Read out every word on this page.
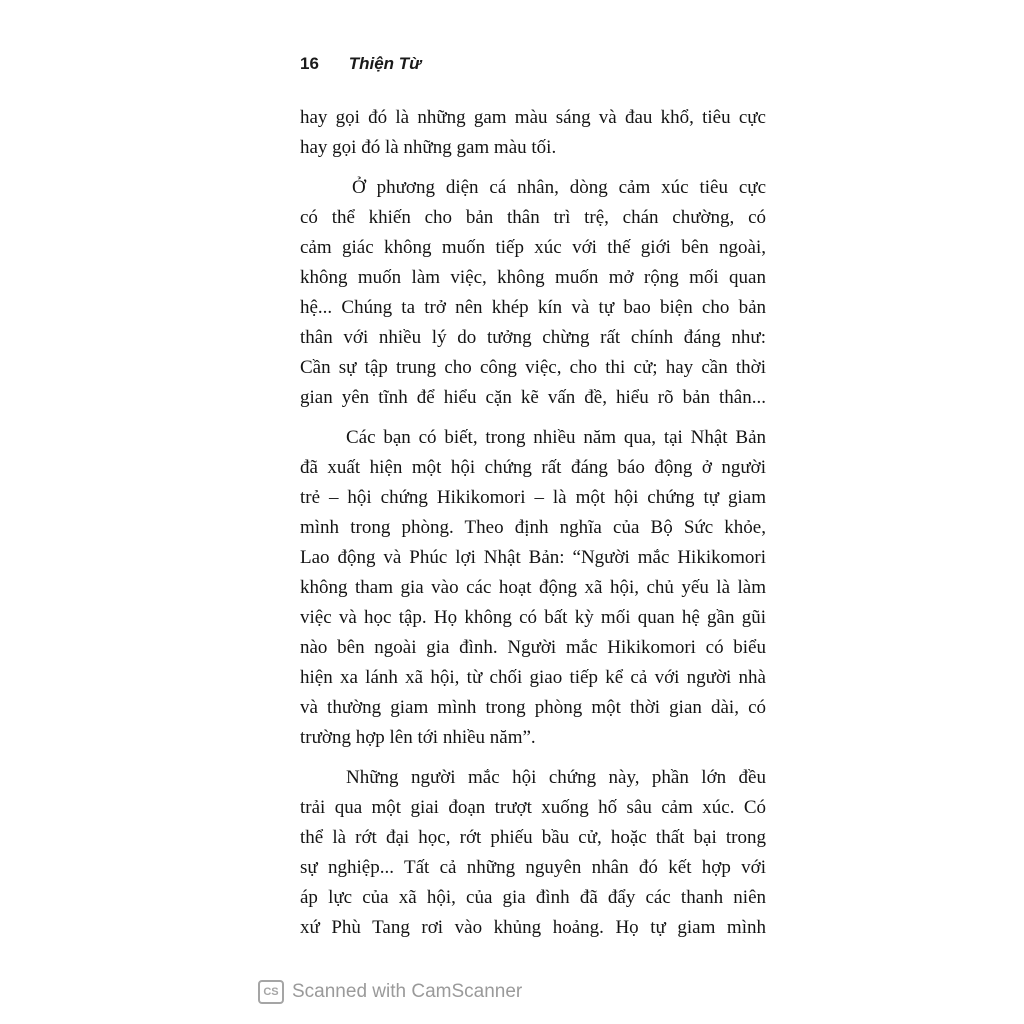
16 Thiện Từ
hay gọi đó là những gam màu sáng và đau khổ, tiêu cực
hay gọi đó là những gam màu tối.
Ở phương diện cá nhân, dòng cảm xúc tiêu cực
có thể khiến cho bản thân trì trệ, chán chường, có
cảm giác không muốn tiếp xúc với thế giới bên ngoài,
không muốn làm việc, không muốn mở rộng mối quan
hệ... Chúng ta trở nên khép kín và tự bao biện cho bản
thân với nhiều lý do tưởng chừng rất chính đáng như:
Cần sự tập trung cho công việc, cho thi cử; hay cần thời
gian yên tĩnh để hiểu cặn kẽ vấn đề, hiểu rõ bản thân...
Các bạn có biết, trong nhiều năm qua, tại Nhật Bản
đã xuất hiện một hội chứng rất đáng báo động ở người
trẻ – hội chứng Hikikomori – là một hội chứng tự giam
mình trong phòng. Theo định nghĩa của Bộ Sức khỏe,
Lao động và Phúc lợi Nhật Bản: “Người mắc Hikikomori
không tham gia vào các hoạt động xã hội, chủ yếu là làm
việc và học tập. Họ không có bất kỳ mối quan hệ gần gũi
nào bên ngoài gia đình. Người mắc Hikikomori có biểu
hiện xa lánh xã hội, từ chối giao tiếp kể cả với người nhà
và thường giam mình trong phòng một thời gian dài, có
trường hợp lên tới nhiều năm”.
Những người mắc hội chứng này, phần lớn đều
trải qua một giai đoạn trượt xuống hố sâu cảm xúc. Có
thể là rớt đại học, rớt phiếu bầu cử, hoặc thất bại trong
sự nghiệp... Tất cả những nguyên nhân đó kết hợp với
áp lực của xã hội, của gia đình đã đẩy các thanh niên
xứ Phù Tang rơi vào khủng hoảng. Họ tự giam mình
CS Scanned with CamScanner
